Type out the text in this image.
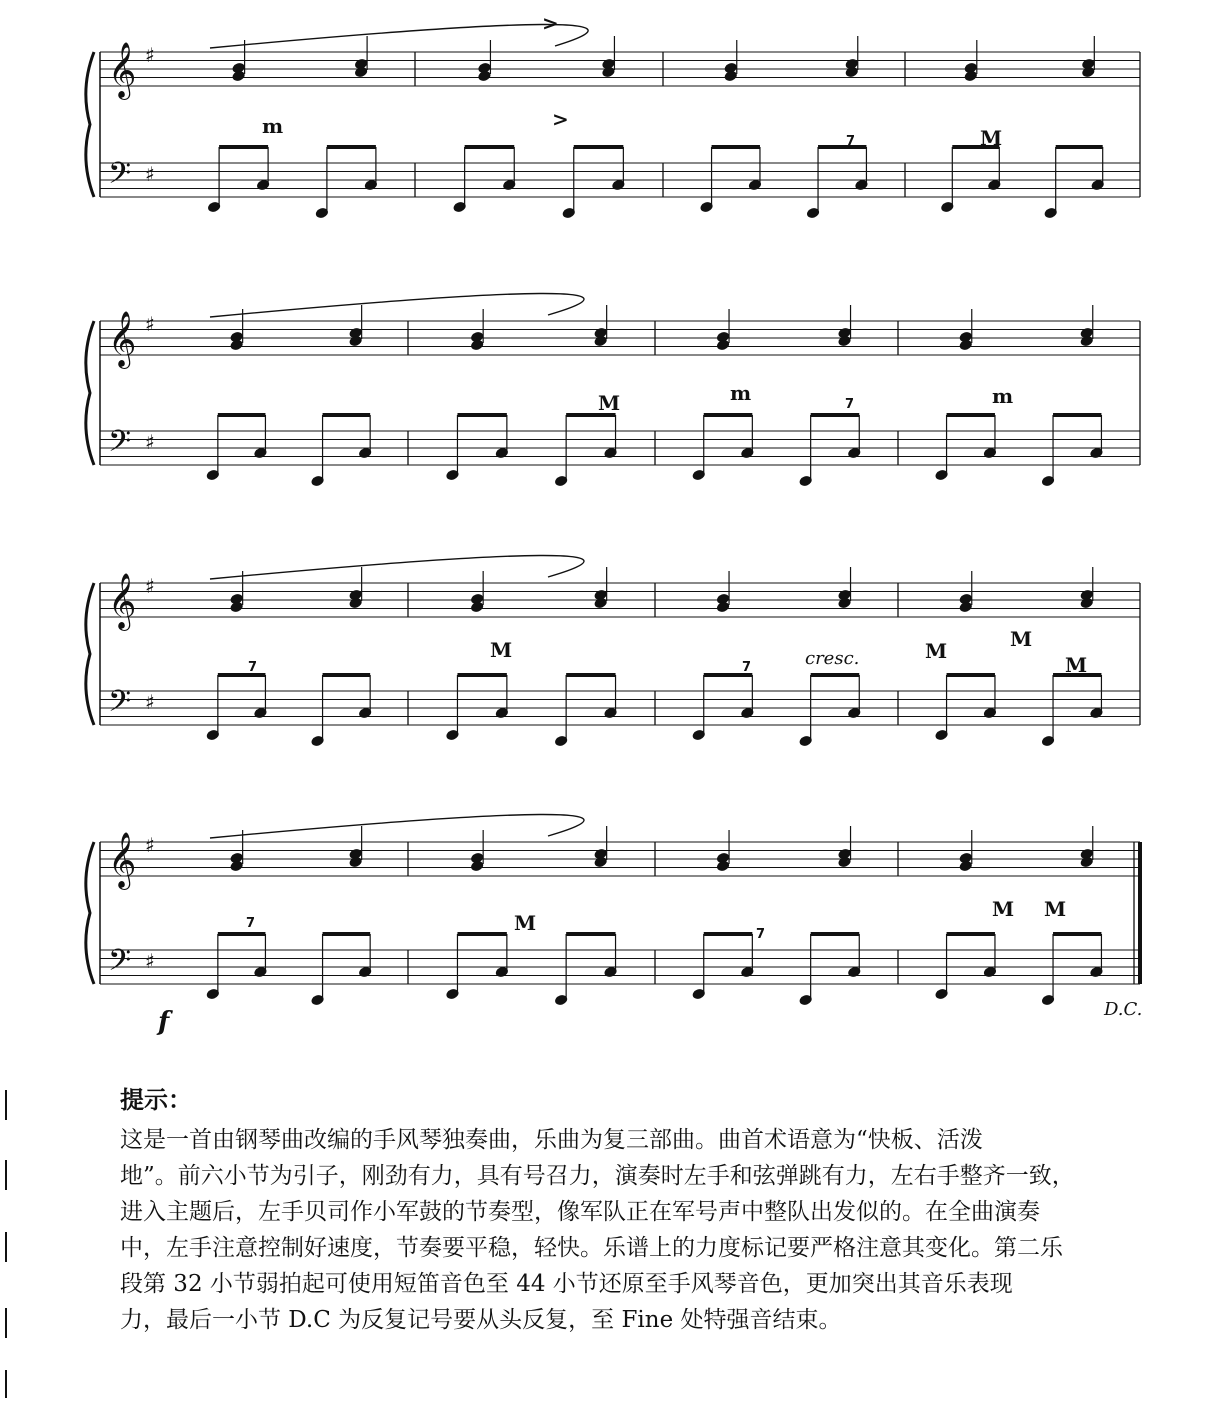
𝄞 ♯
𝄢 ♯
m	>
M
7
𝄞 ♯
𝄢 ♯
>
M	m	7	m
𝄞 ♯
𝄢 ♯
7
M	cresc.
7
M	M
M
𝄞 ♯
𝄢 ♯
f
7	M	7
M M
D.C.
提示：
这是一首由钢琴曲改编的手风琴独奏曲，乐曲为复三部曲。曲首术语意为“快板、活泼
地”。前六小节为引子，刚劲有力，具有号召力，演奏时左手和弦弹跳有力，左右手整齐一致，
进入主题后，左手贝司作小军鼓的节奏型，像军队正在军号声中整队出发似的。在全曲演奏
中，左手注意控制好速度，节奏要平稳，轻快。乐谱上的力度标记要严格注意其变化。第二乐
段第 32 小节弱拍起可使用短笛音色至 44 小节还原至手风琴音色，更加突出其音乐表现
力，最后一小节 D.C 为反复记号要从头反复，至 Fine 处特强音结束。
